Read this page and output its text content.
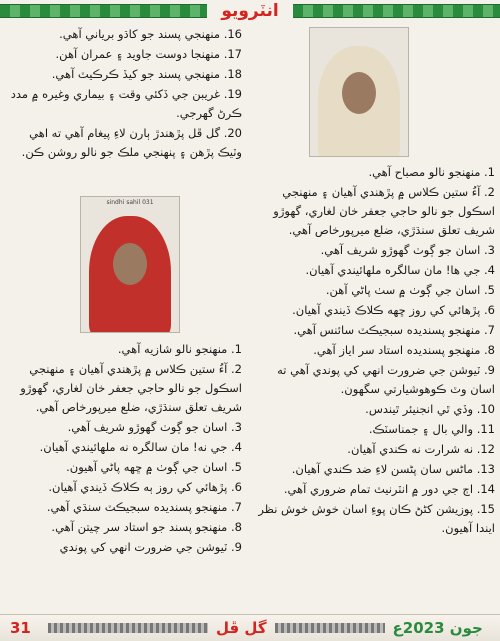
انٽرويو
1. منهنجو نالو مصباح آهي.
2. آءُ ستين ڪلاس ۾ پڙهندي آهيان ۽ منهنجي اسڪول جو نالو حاجي جعفر خان لغاري، گهوڙو شريف تعلق سنڌڙي، ضلع ميرپورخاص آهي.
3. اسان جو ڳوٺ گهوڙو شريف آهي.
4. جي ها! مان سالگره ملهائيندي آهيان.
5. اسان جي ڳوٺ ۾ سٺ پاڻي آهن.
6. پڙهائي کي روز ڇهه ڪلاڪ ڏيندي آهيان.
7. منهنجو پسنديده سبجيڪٽ سائنس آهي.
8. منهنجو پسنديده استاد سر اياز آهي.
9. ٽيوشن جي ضرورت انهي کي پوندي آهي ته اسان وٽ ڪوهوشيارتي سگهون.
10. وڏي ٿي انجنيئر ٿيندس.
11. والي بال ۽ جمناسٽڪ.
12. نه شرارت نه ڪندي آهيان.
13. ماڻس سان پڻسن لاءِ ضد ڪندي آهيان.
14. اڄ جي دور ۾ انٽرنيٽ تمام ضروري آهي.
15. پوزيشن کڻڻ ڪان پوءِ اسان خوش خوش نظر ايندا آهيون.
16. منهنجي پسند جو کاڌو برياني آهي.
17. منهنجا دوست جاويد ۽ عمران آهن.
18. منهنجي پسند جو کيڏ ڪرڪيٽ آهي.
19. غريبن جي ڏکئي وقت ۽ بيماري وغيره ۾ مدد ڪرڻ گهرجي.
20. گل ڦل پڙهندڙ ٻارن لاءِ پيغام آهي ته اهي وٽيڪ پڙهن ۽ پنهنجي ملڪ جو نالو روشن ڪن.
sindhi sahil 031
1. منهنجو نالو شازيه آهي.
2. آءُ ستين ڪلاس ۾ پڙهندي آهيان ۽ منهنجي اسڪول جو نالو حاجي جعفر خان لغاري، گهوڙو شريف تعلق سنڌڙي، ضلع ميرپورخاص آهي.
3. اسان جو ڳوٺ گهوڙو شريف آهي.
4. جي نه! مان سالگره نه ملهائيندي آهيان.
5. اسان جي ڳوٺ ۾ ڇهه پاڻي آهيون.
6. پڙهائي کي روز ٻه ڪلاڪ ڏيندي آهيان.
7. منهنجو پسنديده سبجيڪٽ سنڌي آهي.
8. منهنجو پسند جو استاد سر چيتن آهي.
9. ٽيوشن جي ضرورت انهي کي پوندي
31	گل ڦل	جون 2023ع
